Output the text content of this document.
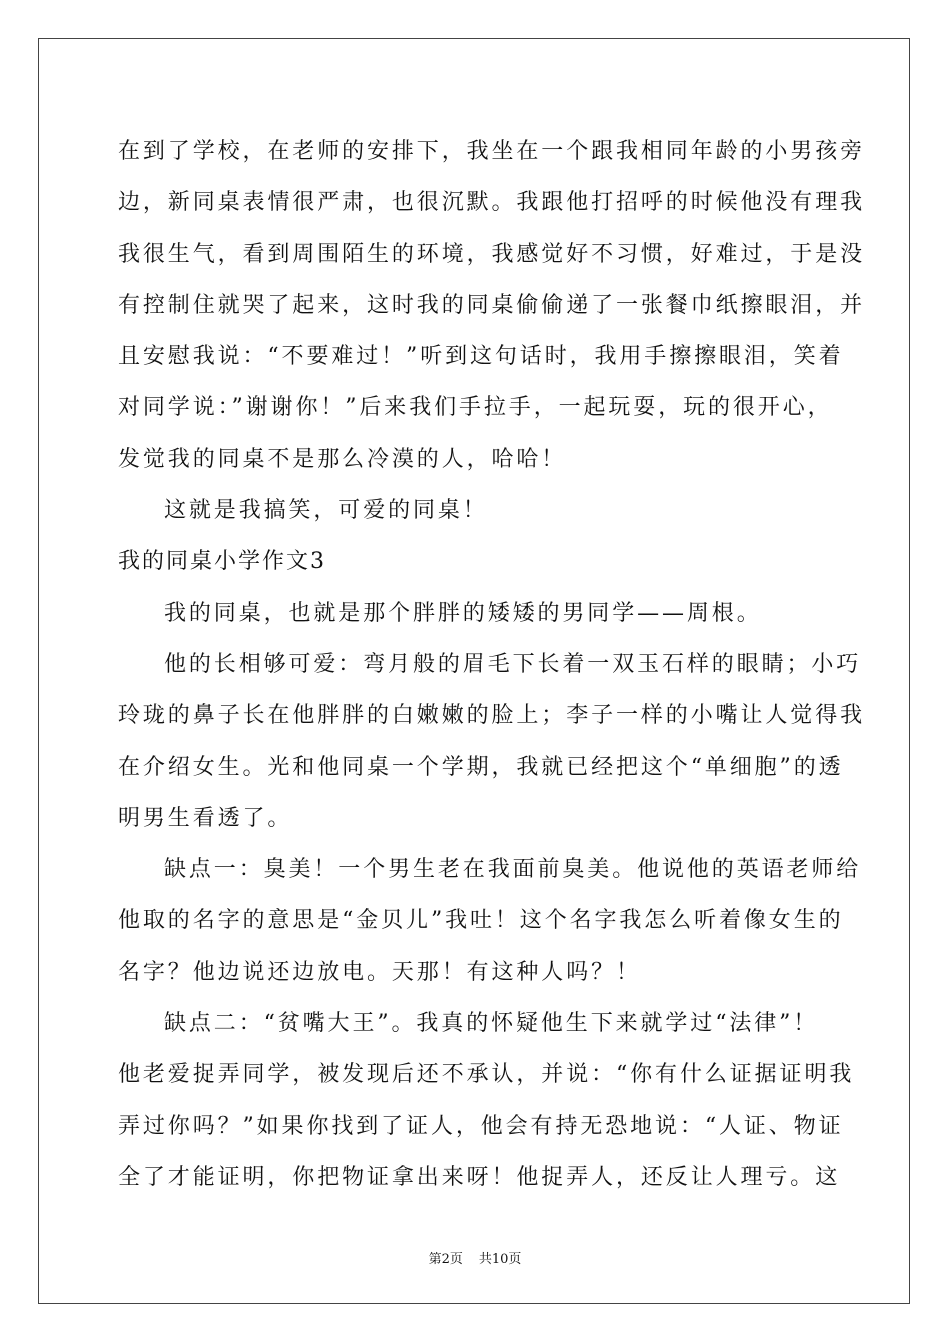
在到了学校，在老师的安排下，我坐在一个跟我相同年龄的小男孩旁
边，新同桌表情很严肃，也很沉默。我跟他打招呼的时候他没有理我
我很生气，看到周围陌生的环境，我感觉好不习惯，好难过，于是没
有控制住就哭了起来，这时我的同桌偷偷递了一张餐巾纸擦眼泪，并
且安慰我说：“不要难过！”听到这句话时，我用手擦擦眼泪，笑着
对同学说：”谢谢你！”后来我们手拉手，一起玩耍，玩的很开心，
发觉我的同桌不是那么冷漠的人，哈哈！
这就是我搞笑，可爱的同桌！
我的同桌小学作文3
我的同桌，也就是那个胖胖的矮矮的男同学——周根。
他的长相够可爱：弯月般的眉毛下长着一双玉石样的眼睛；小巧
玲珑的鼻子长在他胖胖的白嫩嫩的脸上；李子一样的小嘴让人觉得我
在介绍女生。光和他同桌一个学期，我就已经把这个“单细胞”的透
明男生看透了。
缺点一：臭美！一个男生老在我面前臭美。他说他的英语老师给
他取的名字的意思是“金贝儿”我吐！这个名字我怎么听着像女生的
名字？他边说还边放电。天那！有这种人吗？！
缺点二：“贫嘴大王”。我真的怀疑他生下来就学过“法律”！
他老爱捉弄同学，被发现后还不承认，并说：“你有什么证据证明我
弄过你吗？”如果你找到了证人，他会有持无恐地说：“人证、物证
全了才能证明，你把物证拿出来呀！他捉弄人，还反让人理亏。这
第2页 共10页
